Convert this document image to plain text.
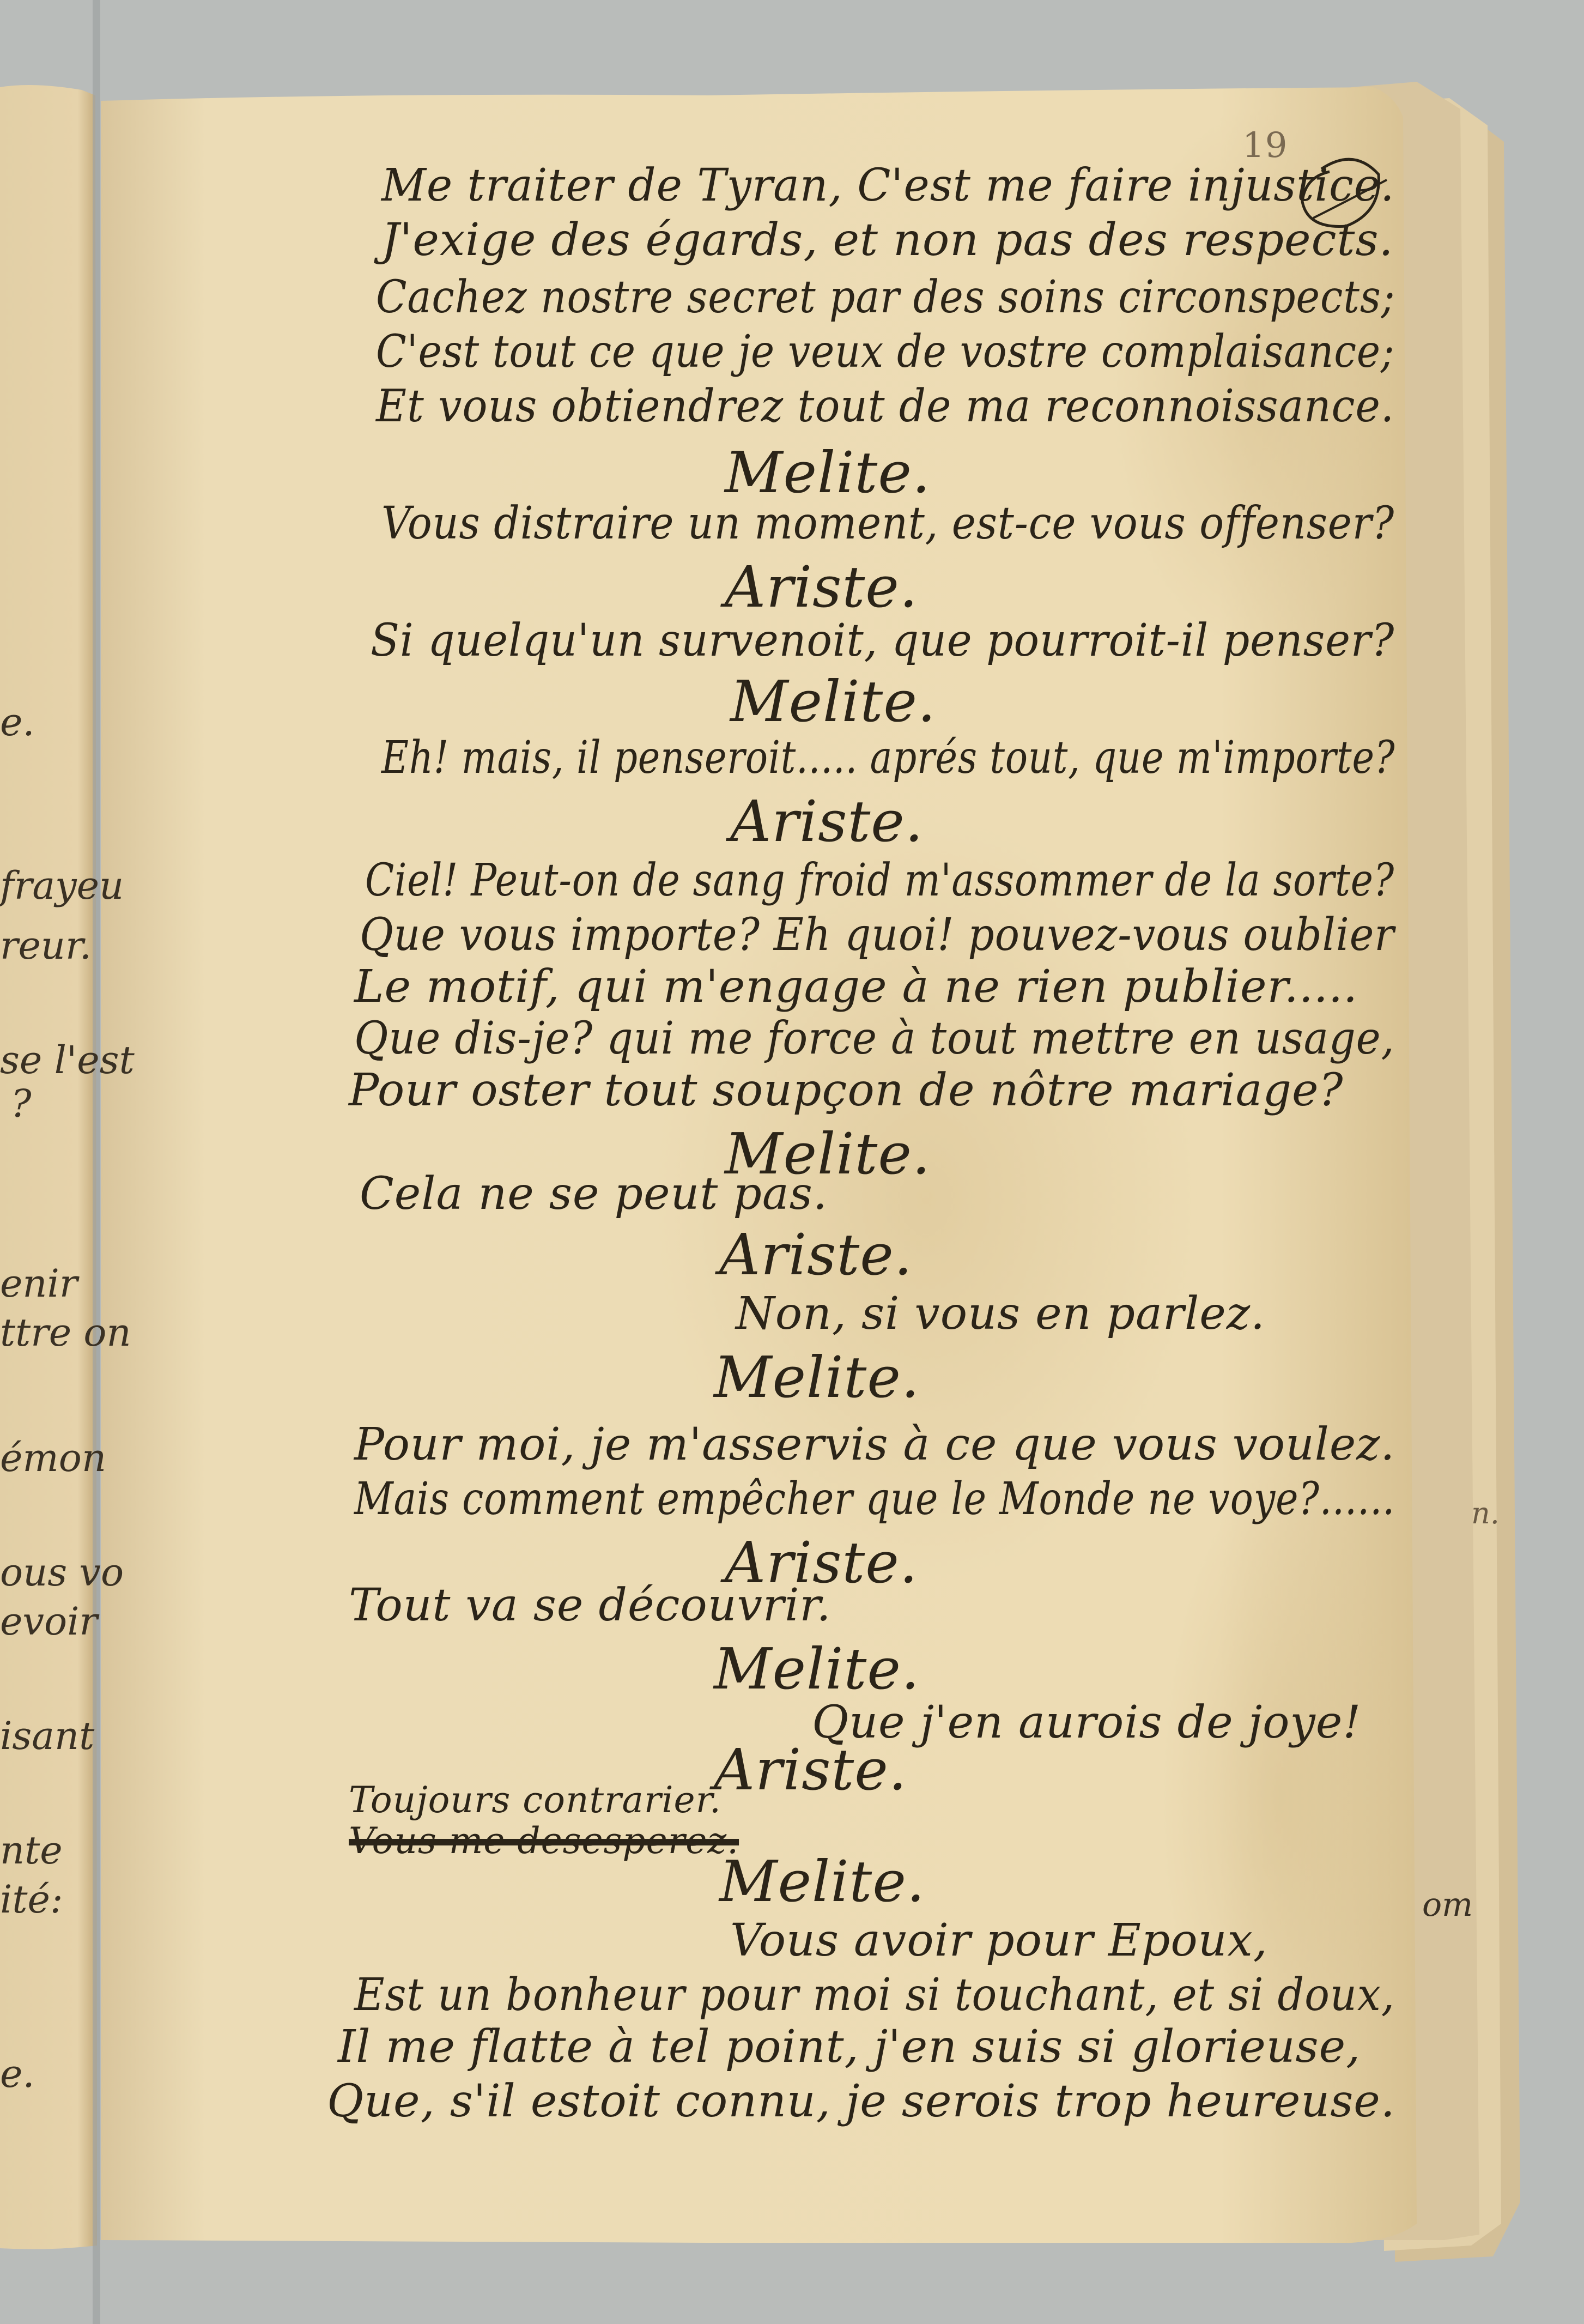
e.
frayeu
reur.
se l'est
?
enir
ttre on
émon
ous vo
evoir
isant
nte
ité:
e.
19
Me traiter de Tyran, C'est me faire injustice.
J'exige des égards, et non pas des respects.
Cachez nostre secret par des soins circonspects;
C'est tout ce que je veux de vostre complaisance;
Et vous obtiendrez tout de ma reconnoissance.
Melite.
Vous distraire un moment, est-ce vous offenser?
Ariste.
Si quelqu'un survenoit, que pourroit-il penser?
Melite.
Eh! mais, il penseroit..... aprés tout, que m'importe?
Ariste.
Ciel! Peut-on de sang froid m'assommer de la sorte?
Que vous importe? Eh quoi! pouvez-vous oublier
Le motif, qui m'engage à ne rien publier.....
Que dis-je? qui me force à tout mettre en usage,
Pour oster tout soupçon de nôtre mariage?
Melite.
Cela ne se peut pas.
Ariste.
Non, si vous en parlez.
Melite.
Pour moi, je m'asservis à ce que vous voulez.
Mais comment empêcher que le Monde ne voye?......
Ariste.
Tout va se découvrir.
Melite.
Que j'en aurois de joye!
Ariste.
Toujours contrarier.
Vous me desesperez.
Melite.
Vous avoir pour Epoux,
Est un bonheur pour moi si touchant, et si doux,
Il me flatte à tel point, j'en suis si glorieuse,
Que, s'il estoit connu, je serois trop heureuse.
n.
om
